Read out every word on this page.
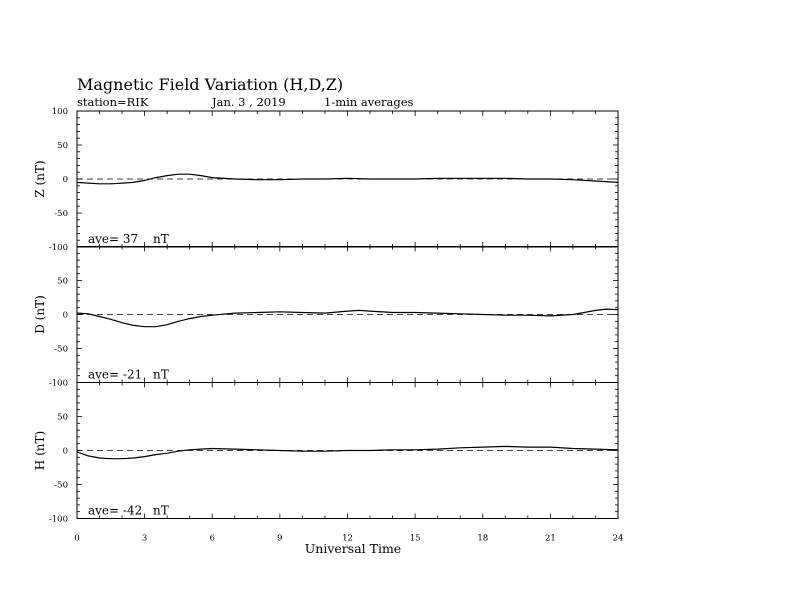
Magnetic Field Variation (H,D,Z)
station=RIK	Jan. 3 , 2019	1-min averages
100
50
0
-50
-100
Z (nT)
ave= 37 nT
50
0
-50
-100
D (nT)
ave= -21 nT
50
0
-50
-100
H (nT)
ave= -42 nT
0	3	6	9	12	15	18	21	24
Universal Time
